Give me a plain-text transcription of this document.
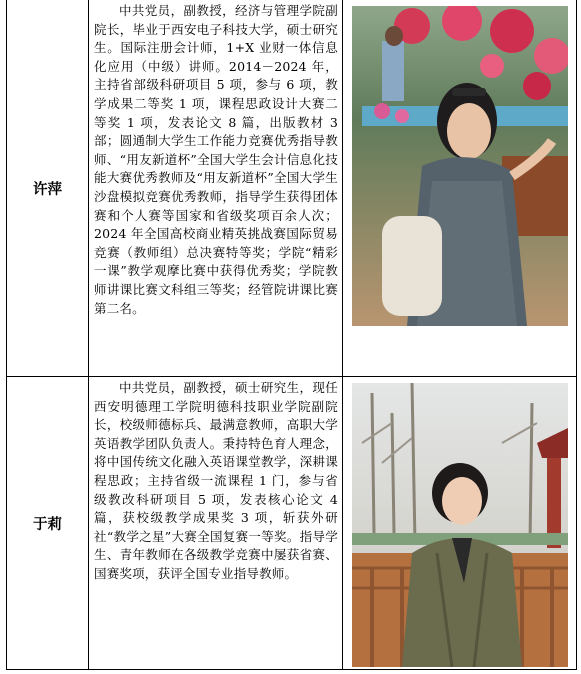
许萍

中共党员，副教授，经济与管理学院副院长，毕业于西安电子科技大学，硕士研究生。国际注册会计师，1+X 业财一体信息化应用（中级）讲师。2014－2024 年，主持省部级科研项目 5 项，参与 6 项，教学成果二等奖 1 项，课程思政设计大赛二等奖 1 项，发表论文 8 篇，出版教材 3 部；圆通制大学生工作能力竞赛优秀指导教师、“用友新道杯”全国大学生会计信息化技能大赛优秀教师及“用友新道杯”全国大学生沙盘模拟竞赛优秀教师，指导学生获得团体赛和个人赛等国家和省级奖项百余人次；2024 年全国高校商业精英挑战赛国际贸易竞赛（教师组）总决赛特等奖；学院“精彩一课”教学观摩比赛中获得优秀奖；学院教师讲课比赛文科组三等奖；经管院讲课比赛第二名。

于莉

中共党员，副教授，硕士研究生，现任西安明德理工学院明德科技职业学院副院长，校级师德标兵、最满意教师，高职大学英语教学团队负责人。秉持特色育人理念，将中国传统文化融入英语课堂教学，深耕课程思政；主持省级一流课程 1 门，参与省级教改科研项目 5 项，发表核心论文 4 篇，获校级教学成果奖 3 项，斩获外研社“教学之星”大赛全国复赛一等奖。指导学生、青年教师在各级教学竞赛中屡获省赛、国赛奖项，获评全国专业指导教师。
